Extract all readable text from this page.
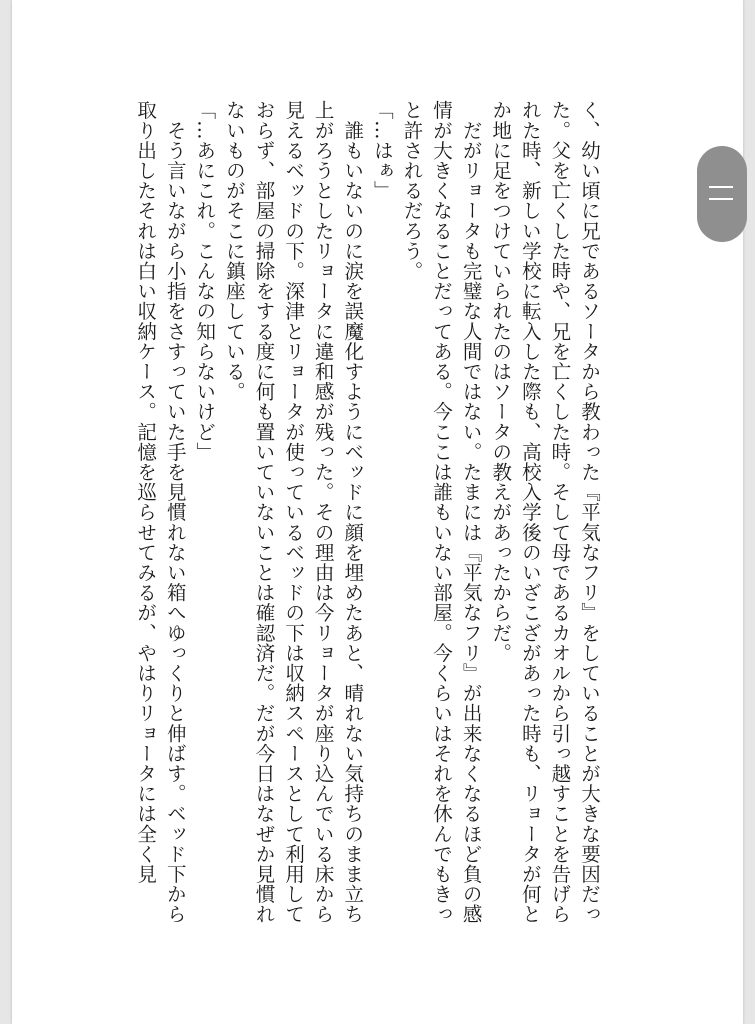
く、幼い頃に兄であるソータから教わった『平気なフリ』をしていることが大きな要因だった。父を亡くした時や、兄を亡くした時。そして母であるカオルから引っ越すことを告げられた時、新しい学校に転入した際も、高校入学後のいざこざがあった時も、リョータが何とか地に足をつけていられたのはソータの教えがあったからだ。

　だがリョータも完璧な人間ではない。たまには『平気なフリ』が出来なくなるほど負の感情が大きくなることだってある。今ここは誰もいない部屋。今くらいはそれを休んでもきっと許されるだろう。

「…はぁ」

　誰もいないのに涙を誤魔化すようにベッドに顔を埋めたあと、晴れない気持ちのまま立ち上がろうとしたリョータに違和感が残った。その理由は今リョータが座り込んでいる床から見えるベッドの下。深津とリョータが使っているベッドの下は収納スペースとして利用しておらず、部屋の掃除をする度に何も置いていないことは確認済だ。だが今日はなぜか見慣れないものがそこに鎮座している。

「…あにこれ。こんなの知らないけど」

　そう言いながら小指をさすっていた手を見慣れない箱へゆっくりと伸ばす。ベッド下から取り出したそれは白い収納ケース。記憶を巡らせてみるが、やはりリョータには全く見
